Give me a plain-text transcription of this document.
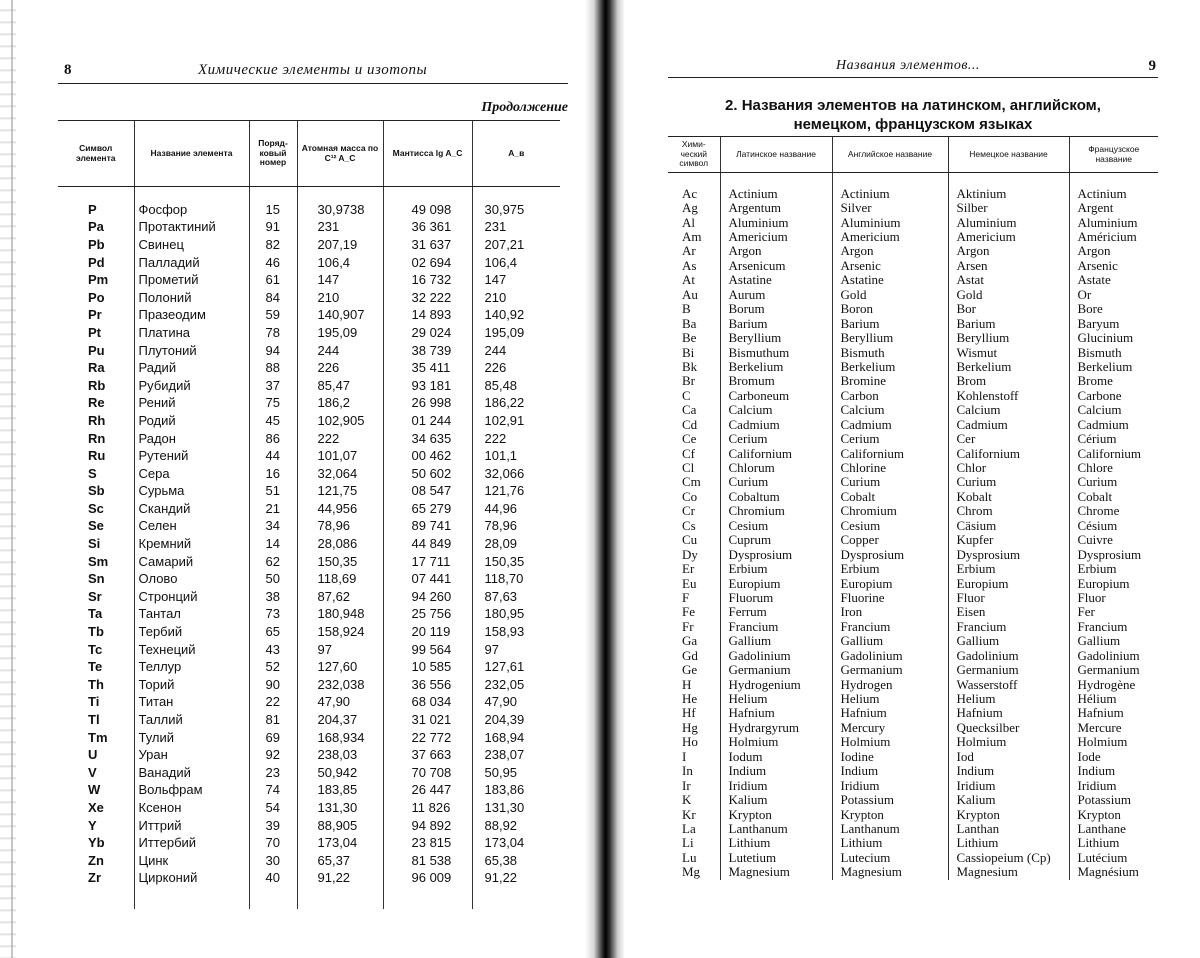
8	Химические элементы и изотопы
Продолжение
Символ элемента	Название элемента	Поряд-ковый номер	Атомная масса по C¹² A_C	Мантисса lg A_C	A_в

P	Фосфор	15	30,9738	49 098	30,975
Pa	Протактиний	91	231	36 361	231
Pb	Свинец	82	207,19	31 637	207,21
Pd	Палладий	46	106,4	02 694	106,4
Pm	Прометий	61	147	16 732	147
Po	Полоний	84	210	32 222	210
Pr	Празеодим	59	140,907	14 893	140,92
Pt	Платина	78	195,09	29 024	195,09
Pu	Плутоний	94	244	38 739	244
Ra	Радий	88	226	35 411	226
Rb	Рубидий	37	85,47	93 181	85,48
Re	Рений	75	186,2	26 998	186,22
Rh	Родий	45	102,905	01 244	102,91
Rn	Радон	86	222	34 635	222
Ru	Рутений	44	101,07	00 462	101,1
S	Сера	16	32,064	50 602	32,066
Sb	Сурьма	51	121,75	08 547	121,76
Sc	Скандий	21	44,956	65 279	44,96
Se	Селен	34	78,96	89 741	78,96
Si	Кремний	14	28,086	44 849	28,09
Sm	Самарий	62	150,35	17 711	150,35
Sn	Олово	50	118,69	07 441	118,70
Sr	Стронций	38	87,62	94 260	87,63
Ta	Тантал	73	180,948	25 756	180,95
Tb	Тербий	65	158,924	20 119	158,93
Tc	Технеций	43	97	99 564	97
Te	Теллур	52	127,60	10 585	127,61
Th	Торий	90	232,038	36 556	232,05
Ti	Титан	22	47,90	68 034	47,90
Tl	Таллий	81	204,37	31 021	204,39
Tm	Тулий	69	168,934	22 772	168,94
U	Уран	92	238,03	37 663	238,07
V	Ванадий	23	50,942	70 708	50,95
W	Вольфрам	74	183,85	26 447	183,86
Xe	Ксенон	54	131,30	11 826	131,30
Y	Иттрий	39	88,905	94 892	88,92
Yb	Иттербий	70	173,04	23 815	173,04
Zn	Цинк	30	65,37	81 538	65,38
Zr	Цирконий	40	91,22	96 009	91,22

Названия элементов...	9
2. Названия элементов на латинском, английском,
немецком, французском языках
Хими-ческий символ	Латинское название	Английское название	Немецкое название	Французское название

Ac	Actinium	Actinium	Aktinium	Actinium
Ag	Argentum	Silver	Silber	Argent
Al	Aluminium	Aluminium	Aluminium	Aluminium
Am	Americium	Americium	Americium	Américium
Ar	Argon	Argon	Argon	Argon
As	Arsenicum	Arsenic	Arsen	Arsenic
At	Astatine	Astatine	Astat	Astate
Au	Aurum	Gold	Gold	Or
B	Borum	Boron	Bor	Bore
Ba	Barium	Barium	Barium	Baryum
Be	Beryllium	Beryllium	Beryllium	Glucinium
Bi	Bismuthum	Bismuth	Wismut	Bismuth
Bk	Berkelium	Berkelium	Berkelium	Berkelium
Br	Bromum	Bromine	Brom	Brome
C	Carboneum	Carbon	Kohlenstoff	Carbone
Ca	Calcium	Calcium	Calcium	Calcium
Cd	Cadmium	Cadmium	Cadmium	Cadmium
Ce	Cerium	Cerium	Cer	Cérium
Cf	Californium	Californium	Californium	Californium
Cl	Chlorum	Chlorine	Chlor	Chlore
Cm	Curium	Curium	Curium	Curium
Co	Cobaltum	Cobalt	Kobalt	Cobalt
Cr	Chromium	Chromium	Chrom	Chrome
Cs	Cesium	Cesium	Cäsium	Césium
Cu	Cuprum	Copper	Kupfer	Cuivre
Dy	Dysprosium	Dysprosium	Dysprosium	Dysprosium
Er	Erbium	Erbium	Erbium	Erbium
Eu	Europium	Europium	Europium	Europium
F	Fluorum	Fluorine	Fluor	Fluor
Fe	Ferrum	Iron	Eisen	Fer
Fr	Francium	Francium	Francium	Francium
Ga	Gallium	Gallium	Gallium	Gallium
Gd	Gadolinium	Gadolinium	Gadolinium	Gadolinium
Ge	Germanium	Germanium	Germanium	Germanium
H	Hydrogenium	Hydrogen	Wasserstoff	Hydrogène
He	Helium	Helium	Helium	Hélium
Hf	Hafnium	Hafnium	Hafnium	Hafnium
Hg	Hydrargyrum	Mercury	Quecksilber	Mercure
Ho	Holmium	Holmium	Holmium	Holmium
I	Iodum	Iodine	Iod	Iode
In	Indium	Indium	Indium	Indium
Ir	Iridium	Iridium	Iridium	Iridium
K	Kalium	Potassium	Kalium	Potassium
Kr	Krypton	Krypton	Krypton	Krypton
La	Lanthanum	Lanthanum	Lanthan	Lanthane
Li	Lithium	Lithium	Lithium	Lithium
Lu	Lutetium	Lutecium	Cassiopeium (Cp)	Lutécium
Mg	Magnesium	Magnesium	Magnesium	Magnésium
